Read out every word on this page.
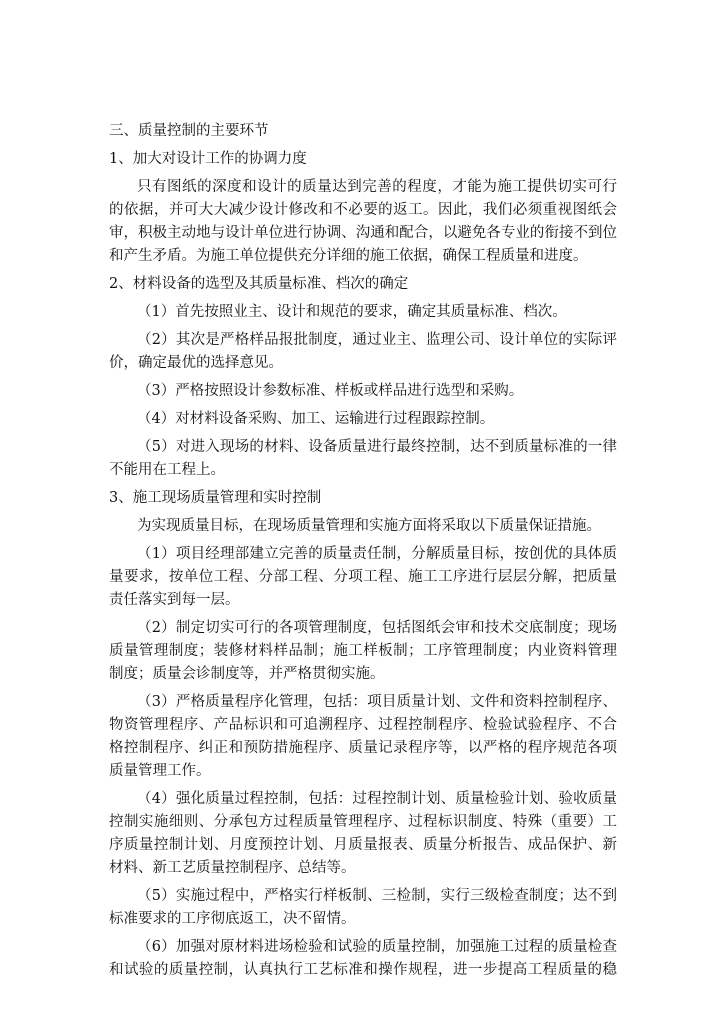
三、质量控制的主要环节
1、加大对设计工作的协调力度
只有图纸的深度和设计的质量达到完善的程度，才能为施工提供切实可行
的依据，并可大大减少设计修改和不必要的返工。因此，我们必须重视图纸会
审，积极主动地与设计单位进行协调、沟通和配合，以避免各专业的衔接不到位
和产生矛盾。为施工单位提供充分详细的施工依据，确保工程质量和进度。
2、材料设备的选型及其质量标准、档次的确定
（1）首先按照业主、设计和规范的要求，确定其质量标准、档次。
（2）其次是严格样品报批制度，通过业主、监理公司、设计单位的实际评
价，确定最优的选择意见。
（3）严格按照设计参数标准、样板或样品进行选型和采购。
（4）对材料设备采购、加工、运输进行过程跟踪控制。
（5）对进入现场的材料、设备质量进行最终控制，达不到质量标准的一律
不能用在工程上。
3、施工现场质量管理和实时控制
为实现质量目标，在现场质量管理和实施方面将采取以下质量保证措施。
（1）项目经理部建立完善的质量责任制，分解质量目标，按创优的具体质
量要求，按单位工程、分部工程、分项工程、施工工序进行层层分解，把质量
责任落实到每一层。
（2）制定切实可行的各项管理制度，包括图纸会审和技术交底制度；现场
质量管理制度；装修材料样品制；施工样板制；工序管理制度；内业资料管理
制度；质量会诊制度等，并严格贯彻实施。
（3）严格质量程序化管理，包括：项目质量计划、文件和资料控制程序、
物资管理程序、产品标识和可追溯程序、过程控制程序、检验试验程序、不合
格控制程序、纠正和预防措施程序、质量记录程序等，以严格的程序规范各项
质量管理工作。
（4）强化质量过程控制，包括：过程控制计划、质量检验计划、验收质量
控制实施细则、分承包方过程质量管理程序、过程标识制度、特殊（重要）工
序质量控制计划、月度预控计划、月质量报表、质量分析报告、成品保护、新
材料、新工艺质量控制程序、总结等。
（5）实施过程中，严格实行样板制、三检制，实行三级检查制度；达不到
标准要求的工序彻底返工，决不留情。
（6）加强对原材料进场检验和试验的质量控制，加强施工过程的质量检查
和试验的质量控制，认真执行工艺标准和操作规程，进一步提高工程质量的稳
